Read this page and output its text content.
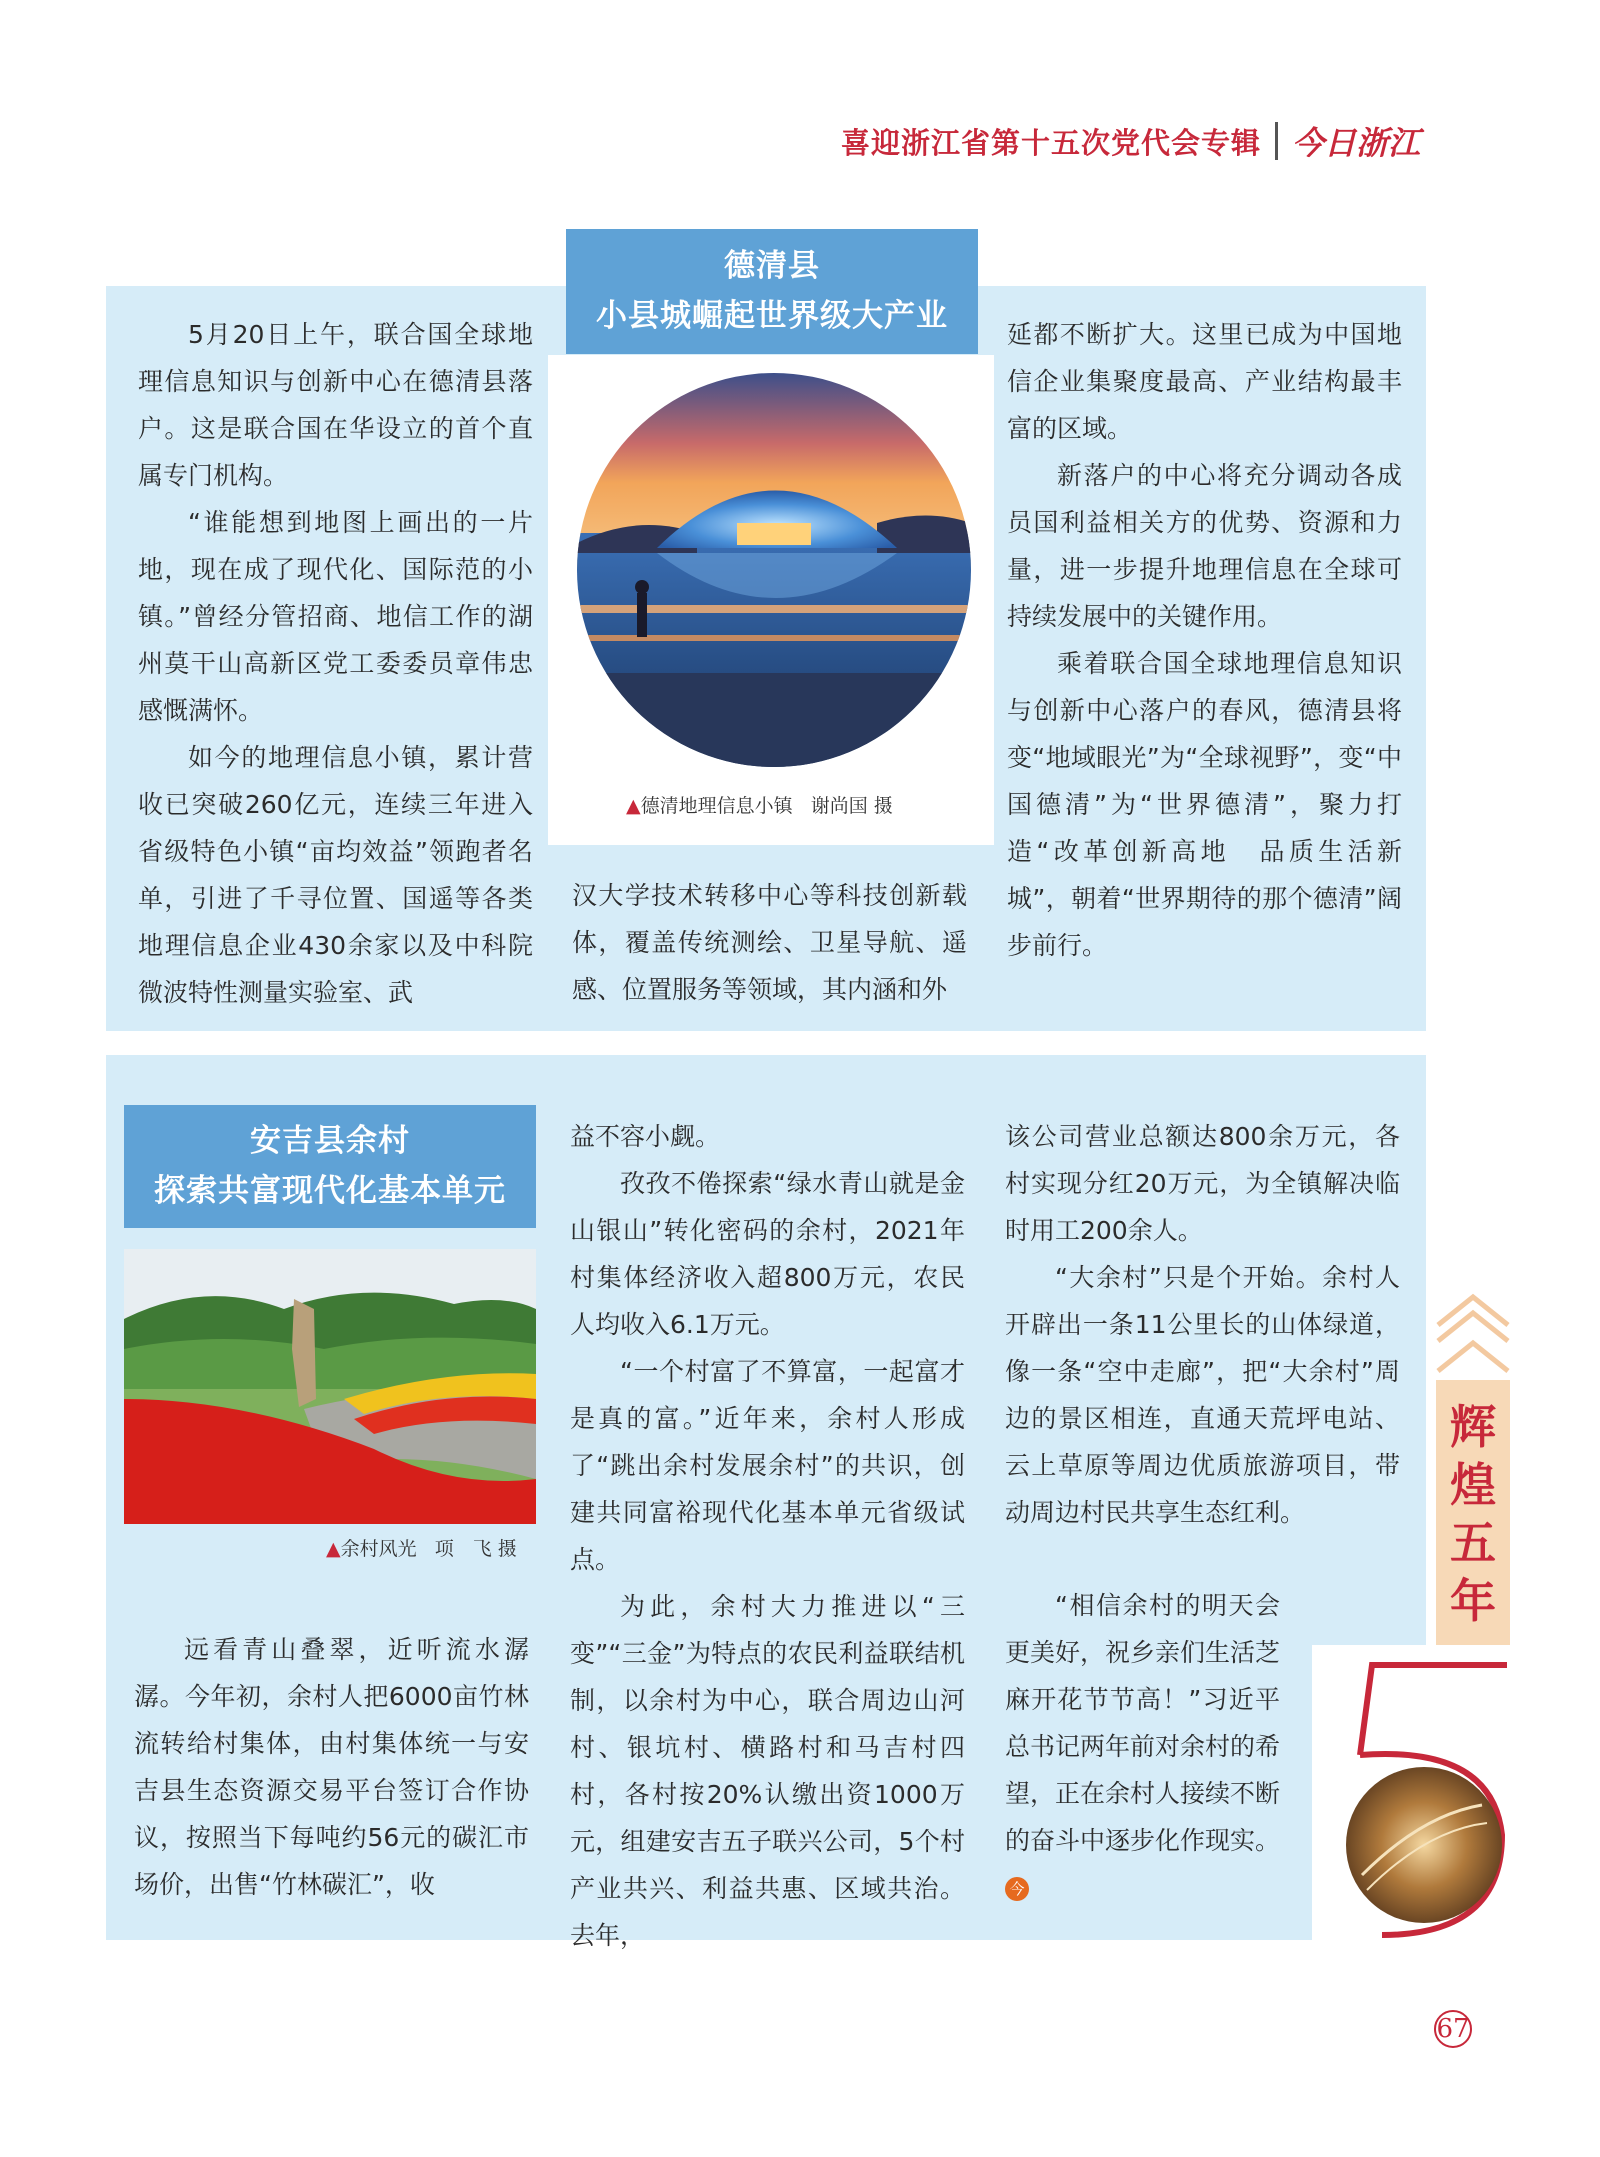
喜迎浙江省第十五次党代会专辑 今日浙江
德清县
小县城崛起世界级大产业
▲德清地理信息小镇 谢尚国 摄

5月20日上午，联合国全球地理信息知识与创新中心在德清县落户。这是联合国在华设立的首个直属专门机构。

“谁能想到地图上画出的一片地，现在成了现代化、国际范的小镇。”曾经分管招商、地信工作的湖州莫干山高新区党工委委员章伟忠感慨满怀。

如今的地理信息小镇，累计营收已突破260亿元，连续三年进入省级特色小镇“亩均效益”领跑者名单，引进了千寻位置、国遥等各类地理信息企业430余家以及中科院微波特性测量实验室、武

汉大学技术转移中心等科技创新载体，覆盖传统测绘、卫星导航、遥感、位置服务等领域，其内涵和外

延都不断扩大。这里已成为中国地信企业集聚度最高、产业结构最丰富的区域。

新落户的中心将充分调动各成员国利益相关方的优势、资源和力量，进一步提升地理信息在全球可持续发展中的关键作用。

乘着联合国全球地理信息知识与创新中心落户的春风，德清县将变“地域眼光”为“全球视野”，变“中国德清”为“世界德清”，聚力打造“改革创新高地　品质生活新城”，朝着“世界期待的那个德清”阔步前行。

安吉县余村
探索共富现代化基本单元
▲余村风光 项　飞 摄

远看青山叠翠，近听流水潺潺。今年初，余村人把6000亩竹林流转给村集体，由村集体统一与安吉县生态资源交易平台签订合作协议，按照当下每吨约56元的碳汇市场价，出售“竹林碳汇”，收

益不容小觑。

孜孜不倦探索“绿水青山就是金山银山”转化密码的余村，2021年村集体经济收入超800万元，农民人均收入6.1万元。

“一个村富了不算富，一起富才是真的富。”近年来，余村人形成了“跳出余村发展余村”的共识，创建共同富裕现代化基本单元省级试点。

为此，余村大力推进以“三变”“三金”为特点的农民利益联结机制，以余村为中心，联合周边山河村、银坑村、横路村和马吉村四村，各村按20%认缴出资1000万元，组建安吉五子联兴公司，5个村产业共兴、利益共惠、区域共治。去年，

该公司营业总额达800余万元，各村实现分红20万元，为全镇解决临时用工200余人。

“大余村”只是个开始。余村人开辟出一条11公里长的山体绿道，像一条“空中走廊”，把“大余村”周边的景区相连，直通天荒坪电站、云上草原等周边优质旅游项目，带动周边村民共享生态红利。

“相信余村的明天会更美好，祝乡亲们生活芝麻开花节节高！”习近平总书记两年前对余村的希望，正在余村人接续不断的奋斗中逐步化作现实。今

辉煌五年
67
